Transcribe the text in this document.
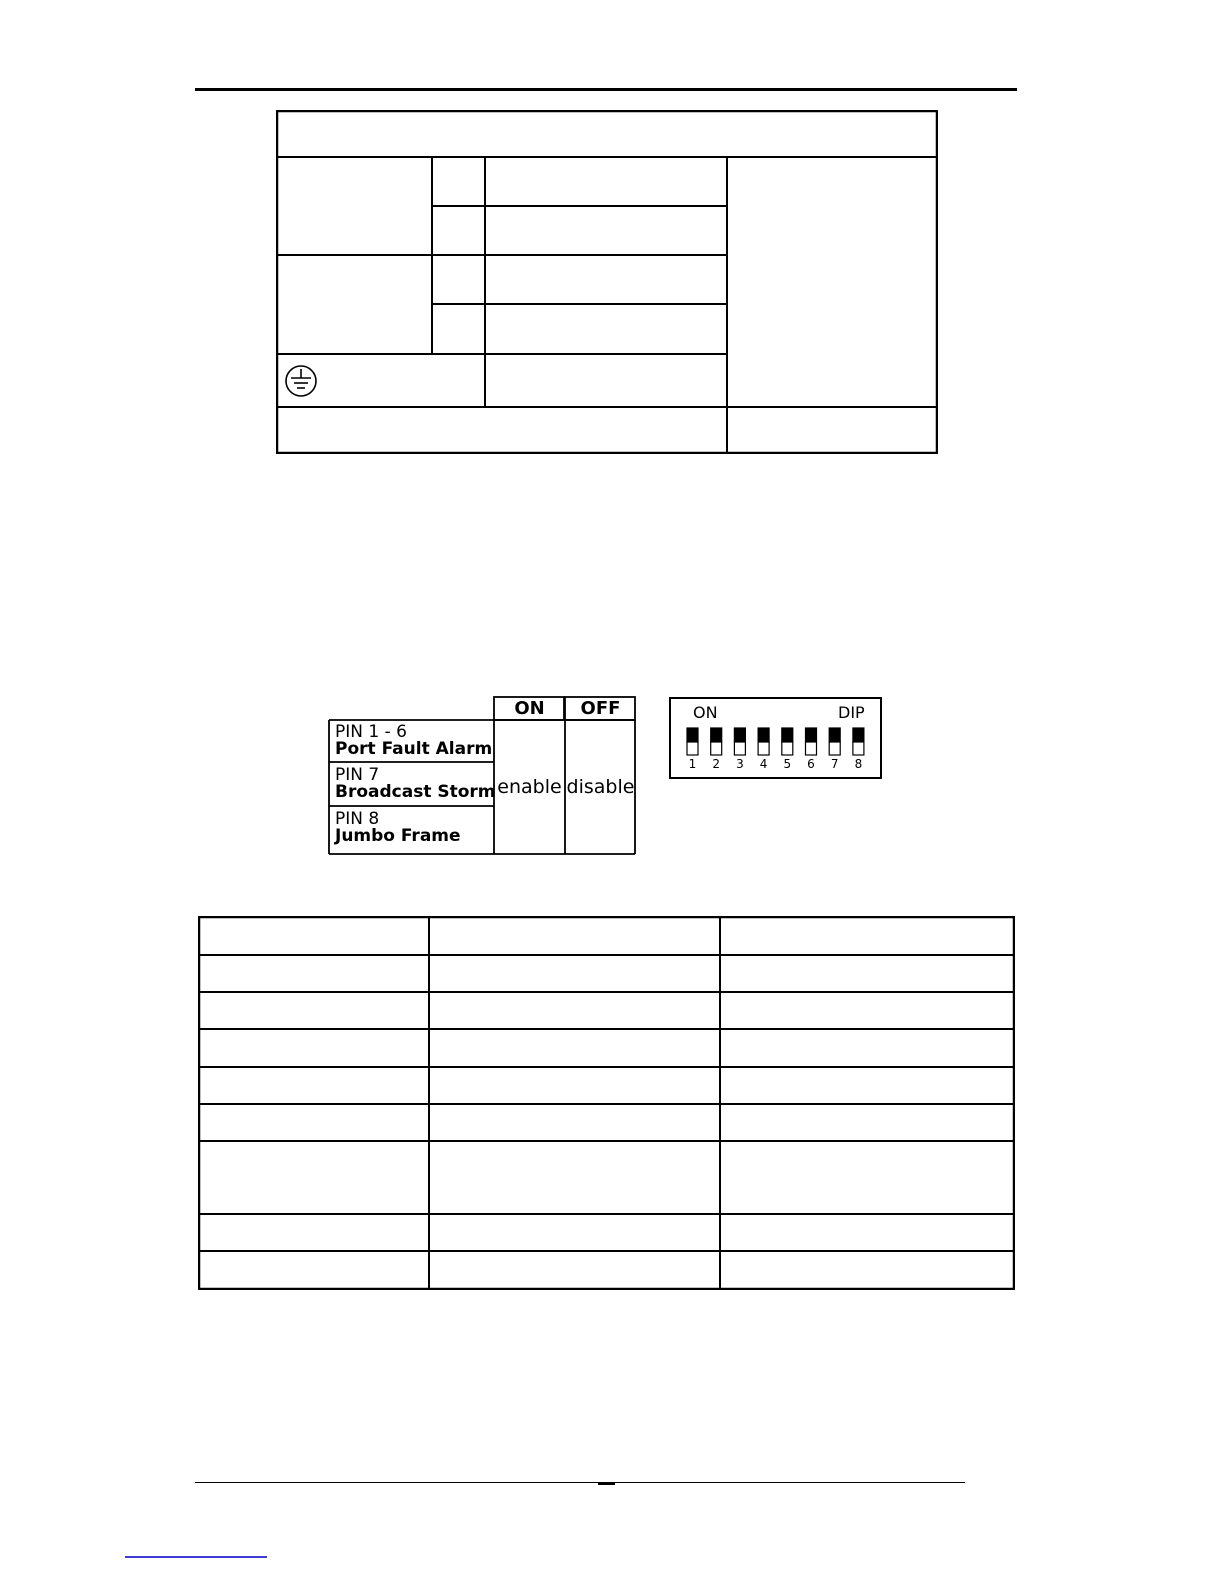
ON	OFF
PIN 1 - 6
Port Fault Alarm
PIN 7
Broadcast Storm
PIN 8
Jumbo Frame
enable disable
ON	DIP
1	2	3	4	5	6	7	8
